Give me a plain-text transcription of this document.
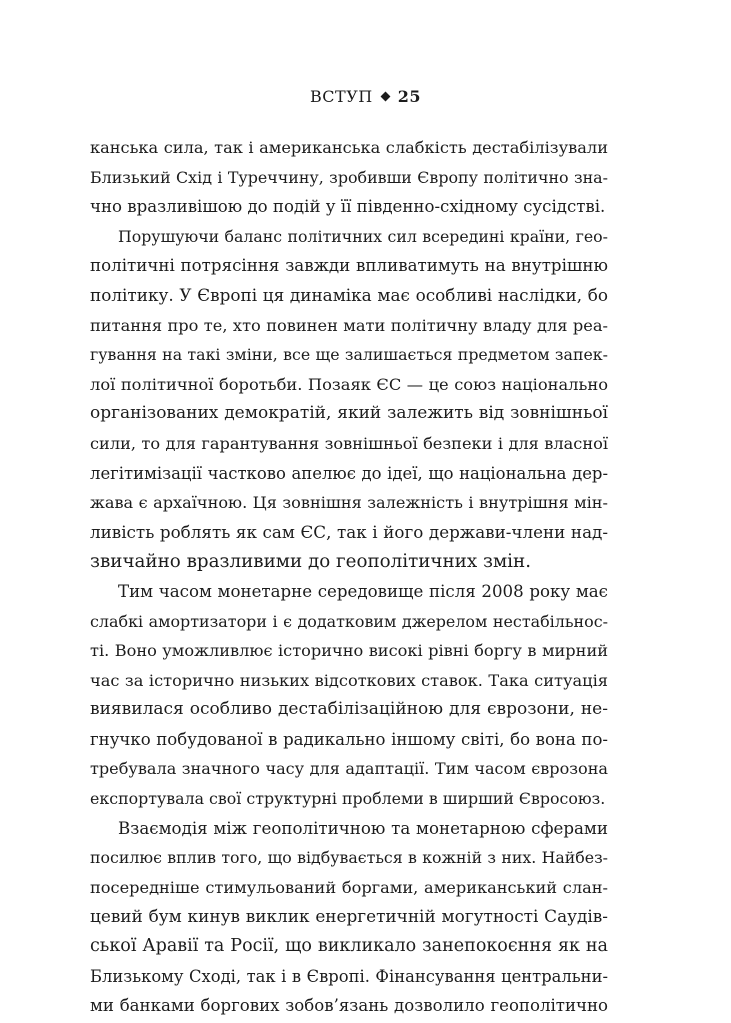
ВСТУП 25
канська сила, так і американська слабкість дестабілізували
Близький Схід і Туреччину, зробивши Європу політично зна-
чно вразливішою до подій у її південно-східному сусідстві.
Порушуючи баланс політичних сил всередині країни, гео-
політичні потрясіння завжди впливатимуть на внутрішню
політику. У Європі ця динаміка має особливі наслідки, бо
питання про те, хто повинен мати політичну владу для реа-
гування на такі зміни, все ще залишається предметом запек-
лої політичної боротьби. Позаяк ЄС — це союз національно
організованих демократій, який залежить від зовнішньої
сили, то для гарантування зовнішньої безпеки і для власної
легітимізації частково апелює до ідеї, що національна дер-
жава є архаїчною. Ця зовнішня залежність і внутрішня мін-
ливість роблять як сам ЄС, так і його держави-члени над-
звичайно вразливими до геополітичних змін.
Тим часом монетарне середовище після 2008 року має
слабкі амортизатори і є додатковим джерелом нестабільнос-
ті. Воно уможливлює історично високі рівні боргу в мирний
час за історично низьких відсоткових ставок. Така ситуація
виявилася особливо дестабілізаційною для єврозони, не-
гнучко побудованої в радикально іншому світі, бо вона по-
требувала значного часу для адаптації. Тим часом єврозона
експортувала свої структурні проблеми в ширший Євросоюз.
Взаємодія між геополітичною та монетарною сферами
посилює вплив того, що відбувається в кожній з них. Найбез-
посередніше стимульований боргами, американський слан-
цевий бум кинув виклик енергетичній могутності Саудів-
ської Аравії та Росії, що викликало занепокоєння як на
Близькому Сході, так і в Європі. Фінансування центральни-
ми банками боргових зобов’язань дозволило геополітично
